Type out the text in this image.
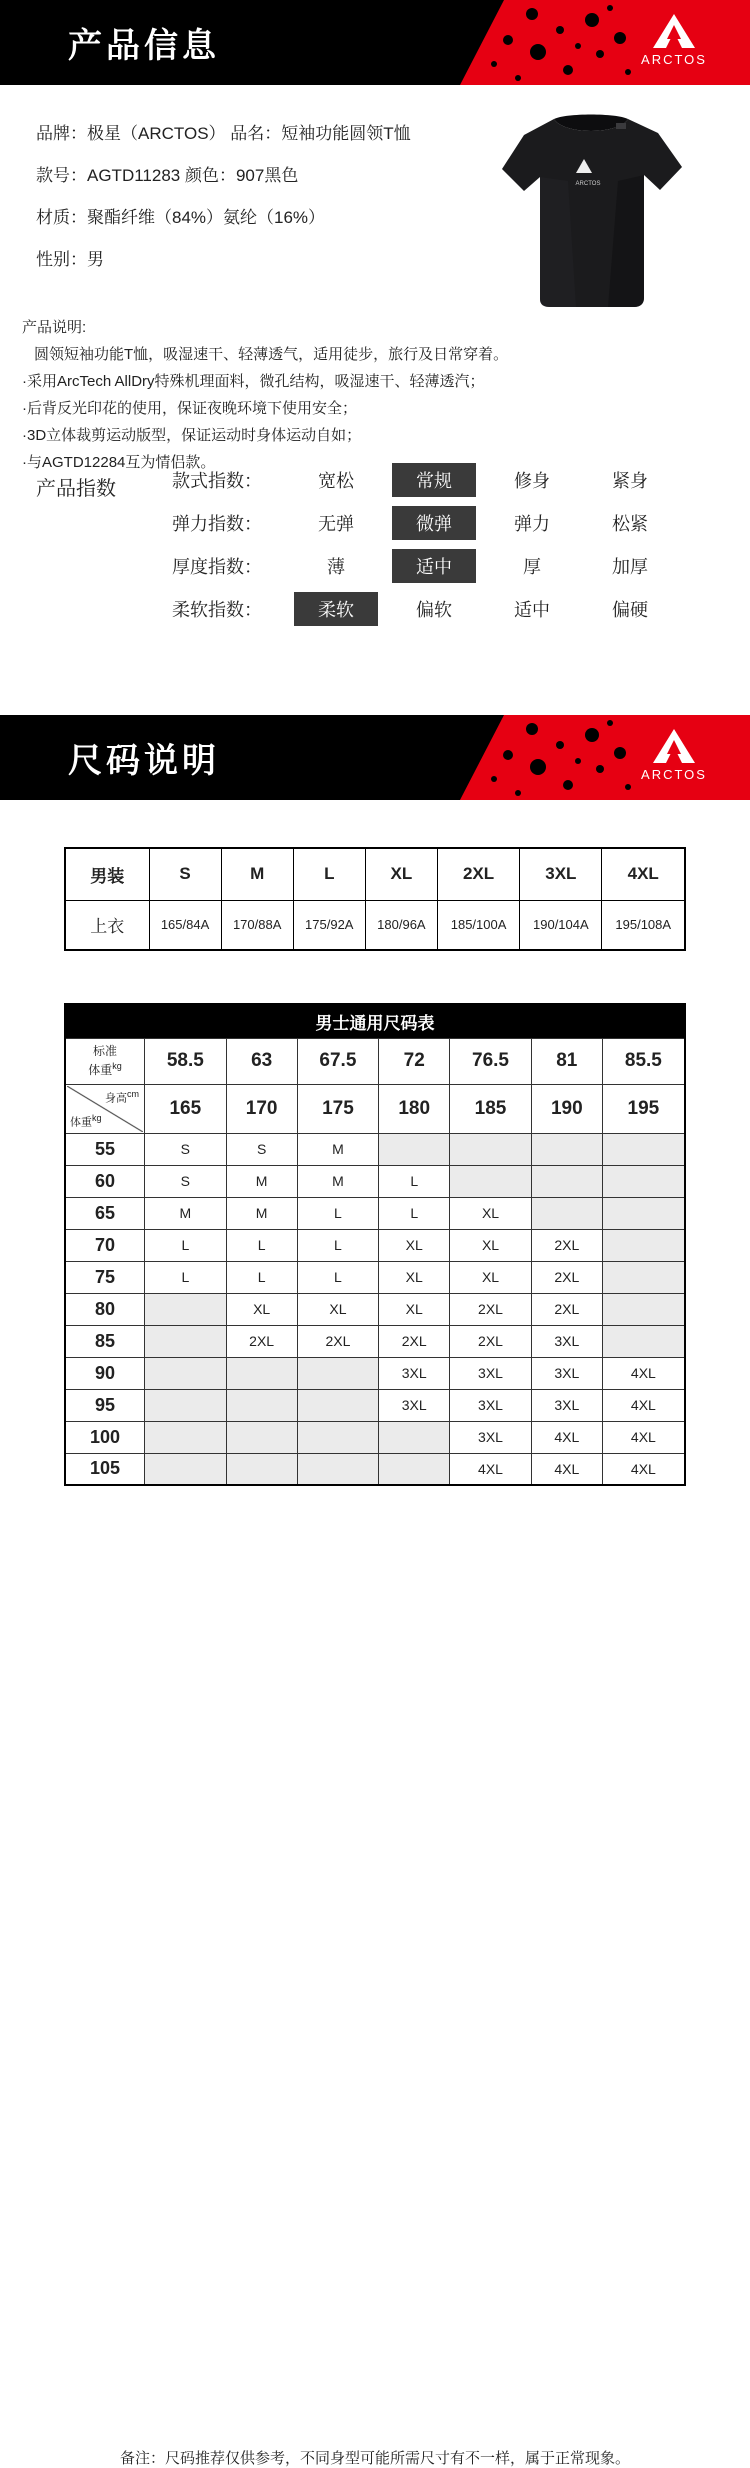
产品信息	ARCTOS
品牌：极星（ARCTOS） 品名：短袖功能圆领T恤
款号：AGTD11283 颜色：907黑色
材质：聚酯纤维（84%）氨纶（16%）
性别：男
ARCTOS
产品说明:
圆领短袖功能T恤，吸湿速干、轻薄透气，适用徒步，旅行及日常穿着。
·采用ArcTech AllDry特殊机理面料，微孔结构，吸湿速干、轻薄透汽；
·后背反光印花的使用，保证夜晚环境下使用安全；
·3D立体裁剪运动版型，保证运动时身体运动自如；
·与AGTD12284互为情侣款。
产品指数	款式指数：	宽松	常规	修身	紧身
弹力指数：	无弹	微弹	弹力	松紧
厚度指数：	薄	适中	厚	加厚
柔软指数：	柔软	偏软	适中	偏硬
尺码说明	ARCTOS
男装	S	M	L	XL	2XL	3XL	4XL
上衣	165/84A	170/88A	175/92A	180/96A	185/100A	190/104A	195/108A
男士通用尺码表							
标准
体重$^{kg}$	58.5	63	67.5	72	76.5	81	85.5

身高$^{cm}$
体重$^{kg}$	165	170	175	180	185	190	195
55	S	S	M				
60	S	M	M	L			
65	M	M	L	L	XL		
70	L	L	L	XL	XL	2XL	
75	L	L	L	XL	XL	2XL	
80		XL	XL	XL	2XL	2XL	
85		2XL	2XL	2XL	2XL	3XL	
90				3XL	3XL	3XL	4XL
95				3XL	3XL	3XL	4XL
100					3XL	4XL	4XL
105					4XL	4XL	4XL
备注：尺码推荐仅供参考，不同身型可能所需尺寸有不一样，属于正常现象。
